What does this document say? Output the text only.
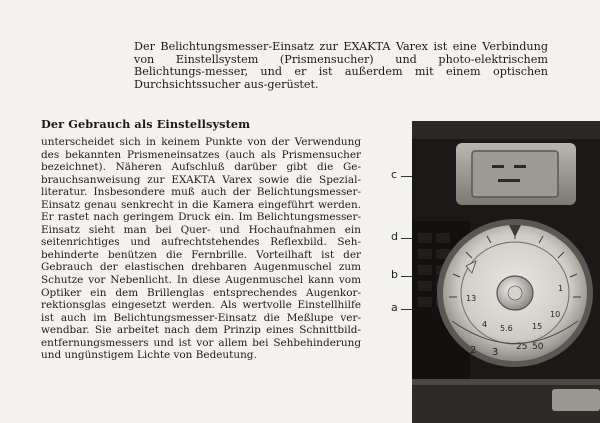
Der Belichtungsmesser-Einsatz zur EXAKTA Varex ist eine Verbindung von Einstellsystem (Prismensucher) und photo-elektrischem Belichtungs-messer, und er ist außerdem mit einem optischen Durchsichtssucher aus-gerüstet.

Der Gebrauch als Einstellsystem

unterscheidet sich in keinem Punkte von der Verwendung des bekannten Prismeneinsatzes (auch als Prismensucher bezeichnet). Näheren Aufschluß darüber gibt die Ge-brauchsanweisung zur EXAKTA Varex sowie die Spezial-literatur. Insbesondere muß auch der Belichtungsmesser-Einsatz genau senkrecht in die Kamera eingeführt werden. Er rastet nach geringem Druck ein. Im Belichtungsmesser-Einsatz sieht man bei Quer- und Hochaufnahmen ein seitenrichtiges und aufrechtstehendes Reflexbild. Seh-behinderte benützen die Fernbrille. Vorteilhaft ist der Gebrauch der elastischen drehbaren Augenmuschel zum Schutze vor Nebenlicht. In diese Augenmuschel kann vom Optiker ein dem Brillenglas entsprechendes Augenkor-rektionsglas eingesetzt werden. Als wertvolle Einstellhilfe ist auch im Belichtungsmesser-Einsatz die Meßlupe ver-wendbar. Sie arbeitet nach dem Prinzip eines Schnittbild-entfernungsmessers und ist vor allem bei Sehbehinderung und ungünstigem Lichte von Bedeutung.

c
d
b
a
2 3 25 50
13
4 5.6 15
10
1
